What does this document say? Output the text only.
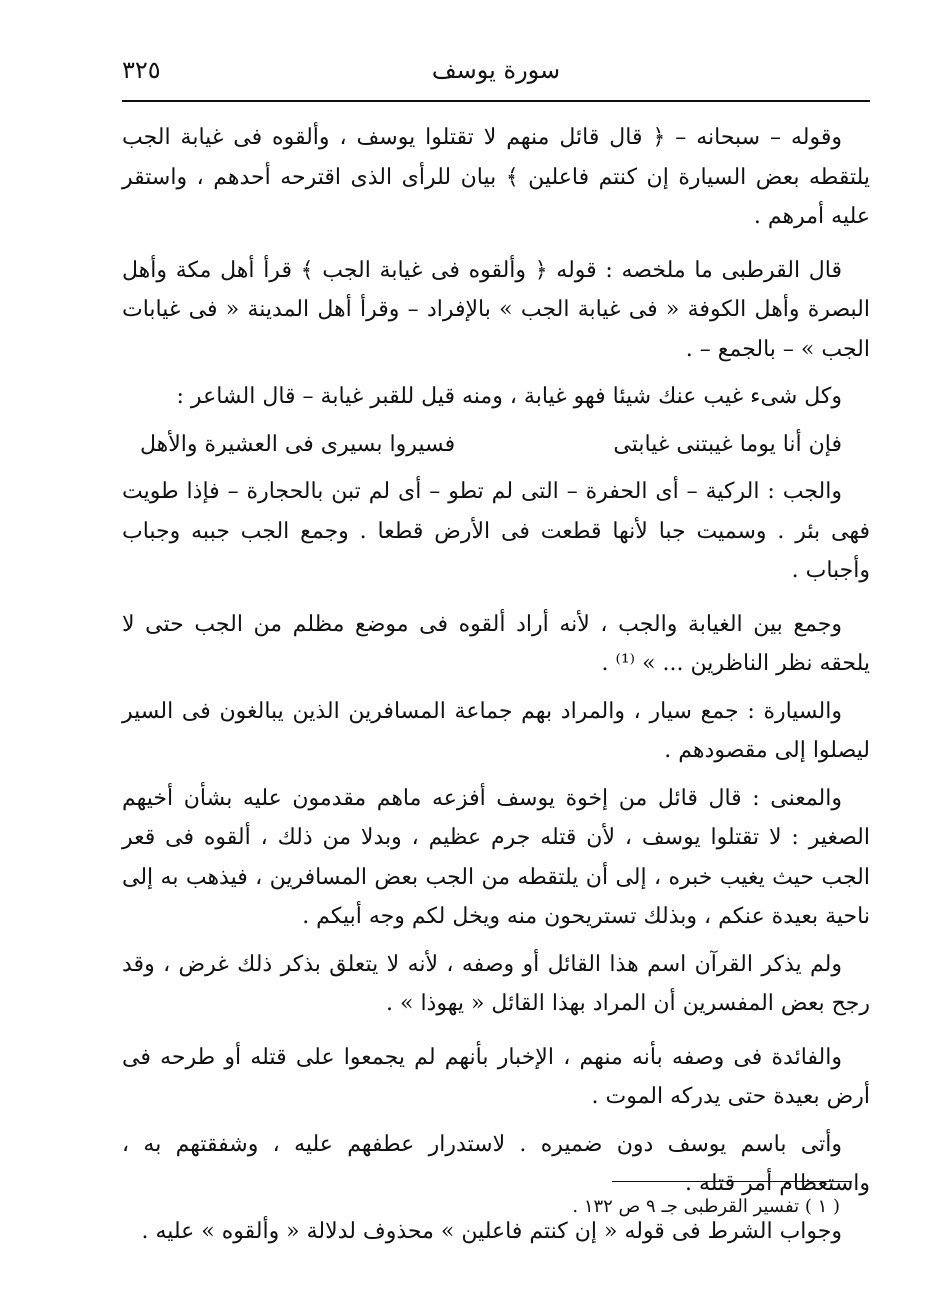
سورة يوسف
٣٢٥

وقوله – سبحانه – ﴿ قال قائل منهم لا تقتلوا يوسف ، وألقوه فى غيابة الجب يلتقطه بعض السيارة إن كنتم فاعلين ﴾ بيان للرأى الذى اقترحه أحدهم ، واستقر عليه أمرهم .

قال القرطبى ما ملخصه : قوله ﴿ وألقوه فى غيابة الجب ﴾ قرأ أهل مكة وأهل البصرة وأهل الكوفة « فى غيابة الجب » بالإفراد – وقرأ أهل المدينة « فى غيابات الجب » – بالجمع – .

وكل شىء غيب عنك شيئا فهو غيابة ، ومنه قيل للقبر غيابة – قال الشاعر :

فإن أنا يوما غيبتنى غيابتى
فسيروا بسيرى فى العشيرة والأهل

والجب : الركية – أى الحفرة – التى لم تطو – أى لم تبن بالحجارة – فإذا طويت فهى بئر . وسميت جبا لأنها قطعت فى الأرض قطعا . وجمع الجب جببه وجباب وأجباب .

وجمع بين الغيابة والجب ، لأنه أراد ألقوه فى موضع مظلم من الجب حتى لا يلحقه نظر الناظرين ... » ⁽¹⁾ .

والسيارة : جمع سيار ، والمراد بهم جماعة المسافرين الذين يبالغون فى السير ليصلوا إلى مقصودهم .

والمعنى : قال قائل من إخوة يوسف أفزعه ماهم مقدمون عليه بشأن أخيهم الصغير : لا تقتلوا يوسف ، لأن قتله جرم عظيم ، وبدلا من ذلك ، ألقوه فى قعر الجب حيث يغيب خبره ، إلى أن يلتقطه من الجب بعض المسافرين ، فيذهب به إلى ناحية بعيدة عنكم ، وبذلك تستريحون منه ويخل لكم وجه أبيكم .

ولم يذكر القرآن اسم هذا القائل أو وصفه ، لأنه لا يتعلق بذكر ذلك غرض ، وقد رجح بعض المفسرين أن المراد بهذا القائل « يهوذا » .

والفائدة فى وصفه بأنه منهم ، الإخبار بأنهم لم يجمعوا على قتله أو طرحه فى أرض بعيدة حتى يدركه الموت .

وأتى باسم يوسف دون ضميره . لاستدرار عطفهم عليه ، وشفقتهم به ، واستعظام أمر قتله .

وجواب الشرط فى قوله « إن كنتم فاعلين » محذوف لدلالة « وألقوه » عليه .

( ١ ) تفسير القرطبى جـ ٩ ص ١٣٢ .
